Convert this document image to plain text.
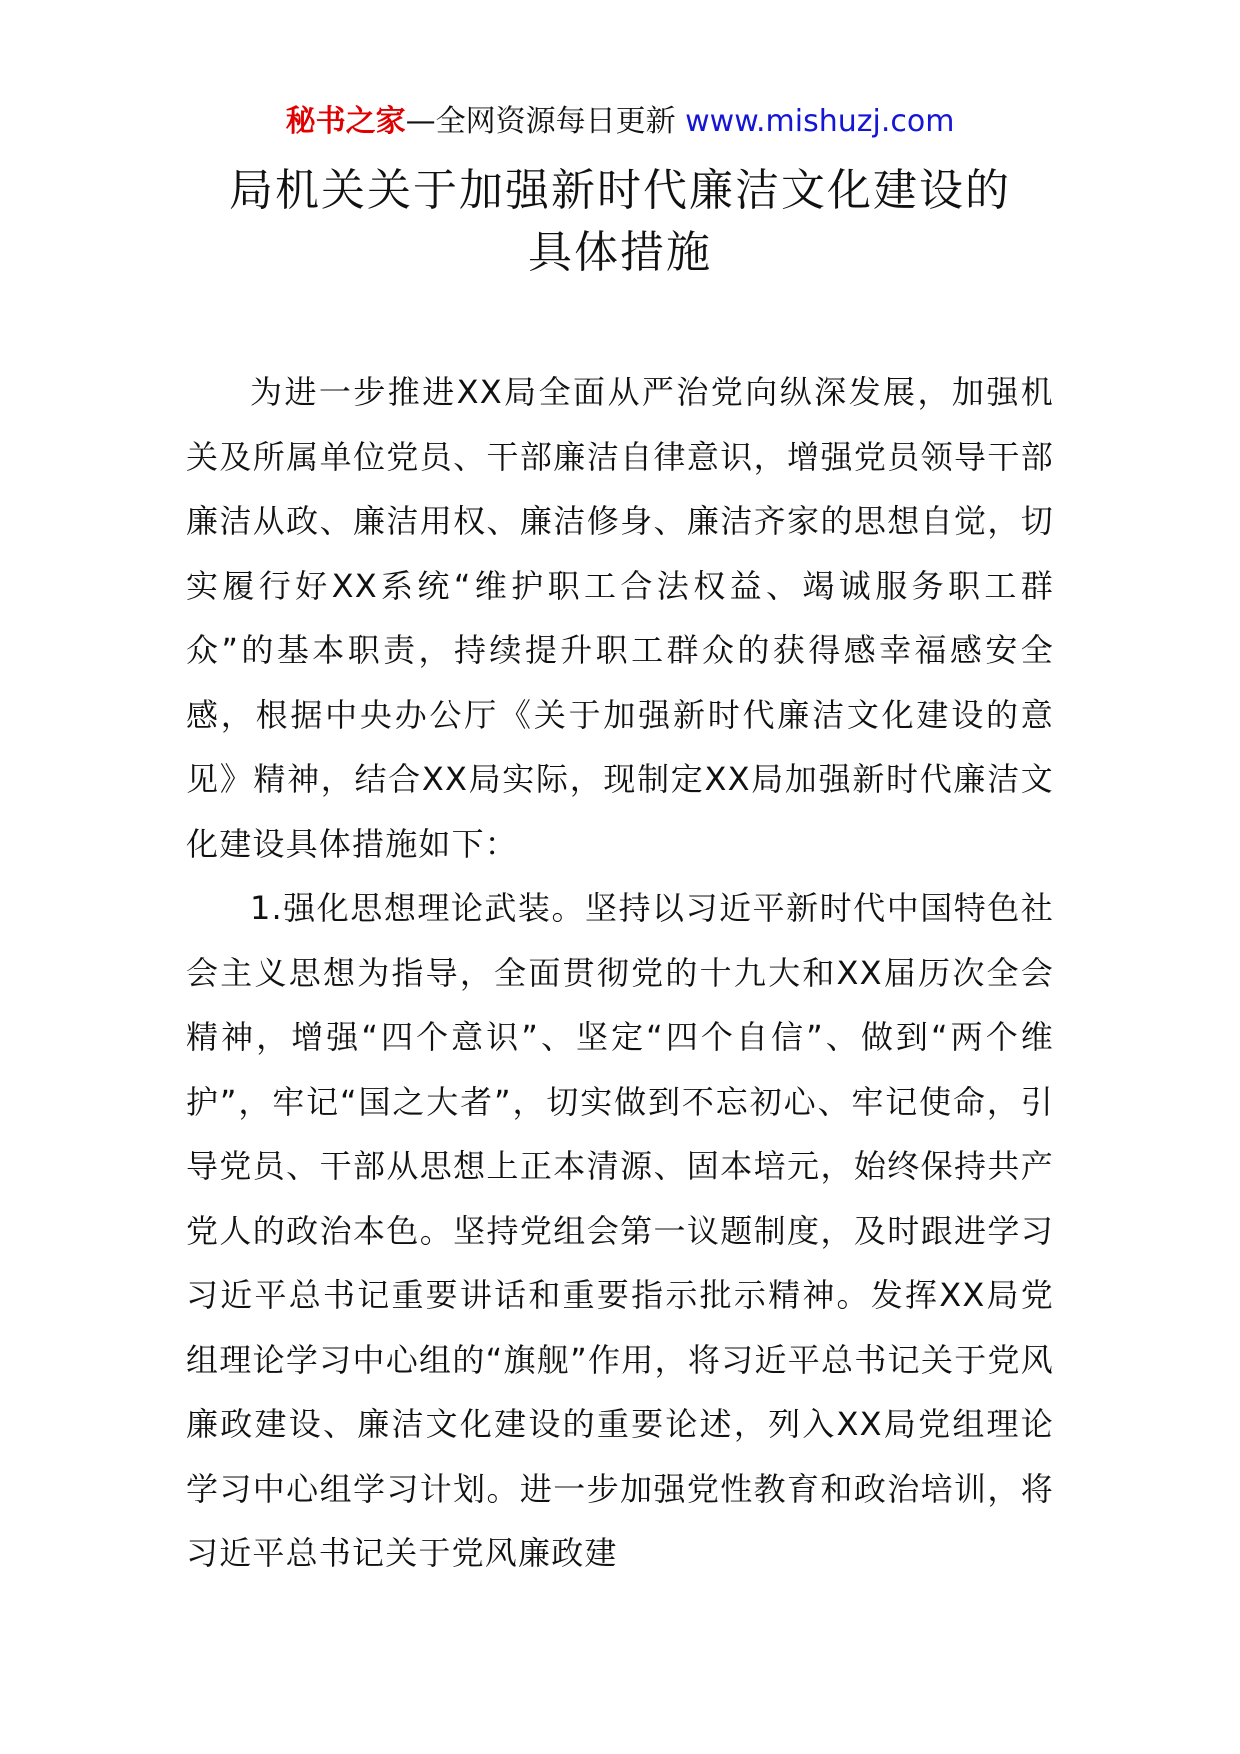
秘书之家—全网资源每日更新 www.mishuzj.com
局机关关于加强新时代廉洁文化建设的
具体措施

为进一步推进XX局全面从严治党向纵深发展，加强机关及所属单位党员、干部廉洁自律意识，增强党员领导干部廉洁从政、廉洁用权、廉洁修身、廉洁齐家的思想自觉，切实履行好XX系统“维护职工合法权益、竭诚服务职工群众”的基本职责，持续提升职工群众的获得感幸福感安全感，根据中央办公厅《关于加强新时代廉洁文化建设的意见》精神，结合XX局实际，现制定XX局加强新时代廉洁文化建设具体措施如下：

1.强化思想理论武装。坚持以习近平新时代中国特色社会主义思想为指导，全面贯彻党的十九大和XX届历次全会精神，增强“四个意识”、坚定“四个自信”、做到“两个维护”，牢记“国之大者”，切实做到不忘初心、牢记使命，引导党员、干部从思想上正本清源、固本培元，始终保持共产党人的政治本色。坚持党组会第一议题制度，及时跟进学习习近平总书记重要讲话和重要指示批示精神。发挥XX局党组理论学习中心组的“旗舰”作用，将习近平总书记关于党风廉政建设、廉洁文化建设的重要论述，列入XX局党组理论学习中心组学习计划。进一步加强党性教育和政治培训，将习近平总书记关于党风廉政建
